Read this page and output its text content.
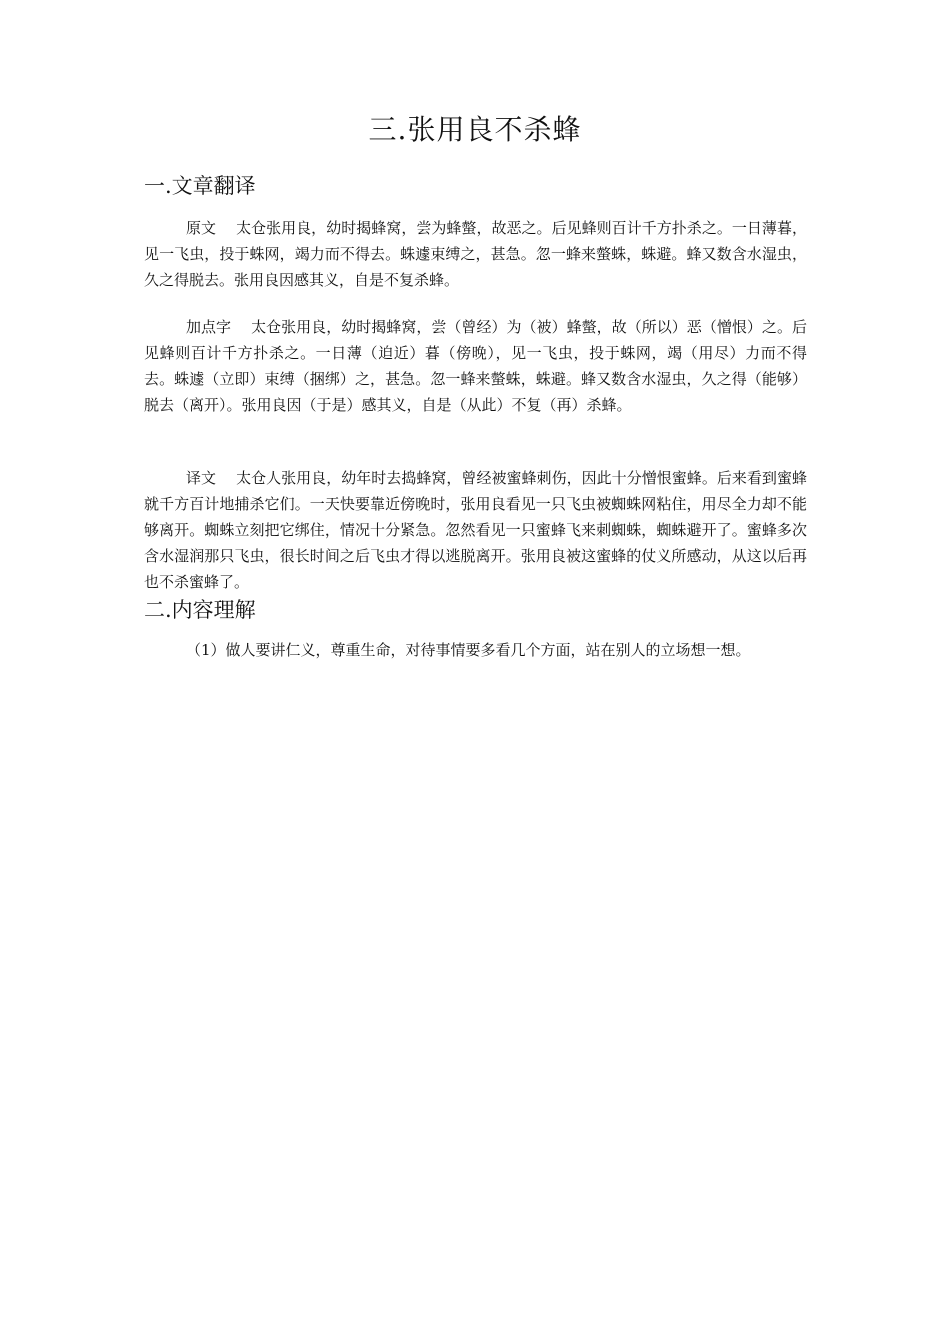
三.张用良不杀蜂
一.文章翻译

原文 太仓张用良，幼时揭蜂窝，尝为蜂螫，故恶之。后见蜂则百计千方扑杀之。一日薄暮，见一飞虫，投于蛛网，竭力而不得去。蛛遽束缚之，甚急。忽一蜂来螫蛛，蛛避。蜂又数含水湿虫，久之得脱去。张用良因感其义，自是不复杀蜂。

加点字 太仓张用良，幼时揭蜂窝，尝（曾经）为（被）蜂螫，故（所以）恶（憎恨）之。后见蜂则百计千方扑杀之。一日薄（迫近）暮（傍晚），见一飞虫，投于蛛网，竭（用尽）力而不得去。蛛遽（立即）束缚（捆绑）之，甚急。忽一蜂来螫蛛，蛛避。蜂又数含水湿虫，久之得（能够）脱去（离开）。张用良因（于是）感其义，自是（从此）不复（再）杀蜂。

译文 太仓人张用良，幼年时去捣蜂窝，曾经被蜜蜂刺伤，因此十分憎恨蜜蜂。后来看到蜜蜂就千方百计地捕杀它们。一天快要靠近傍晚时，张用良看见一只飞虫被蜘蛛网粘住，用尽全力却不能够离开。蜘蛛立刻把它绑住，情况十分紧急。忽然看见一只蜜蜂飞来刺蜘蛛，蜘蛛避开了。蜜蜂多次含水湿润那只飞虫，很长时间之后飞虫才得以逃脱离开。张用良被这蜜蜂的仗义所感动，从这以后再也不杀蜜蜂了。

二.内容理解

（1）做人要讲仁义，尊重生命，对待事情要多看几个方面，站在别人的立场想一想。
